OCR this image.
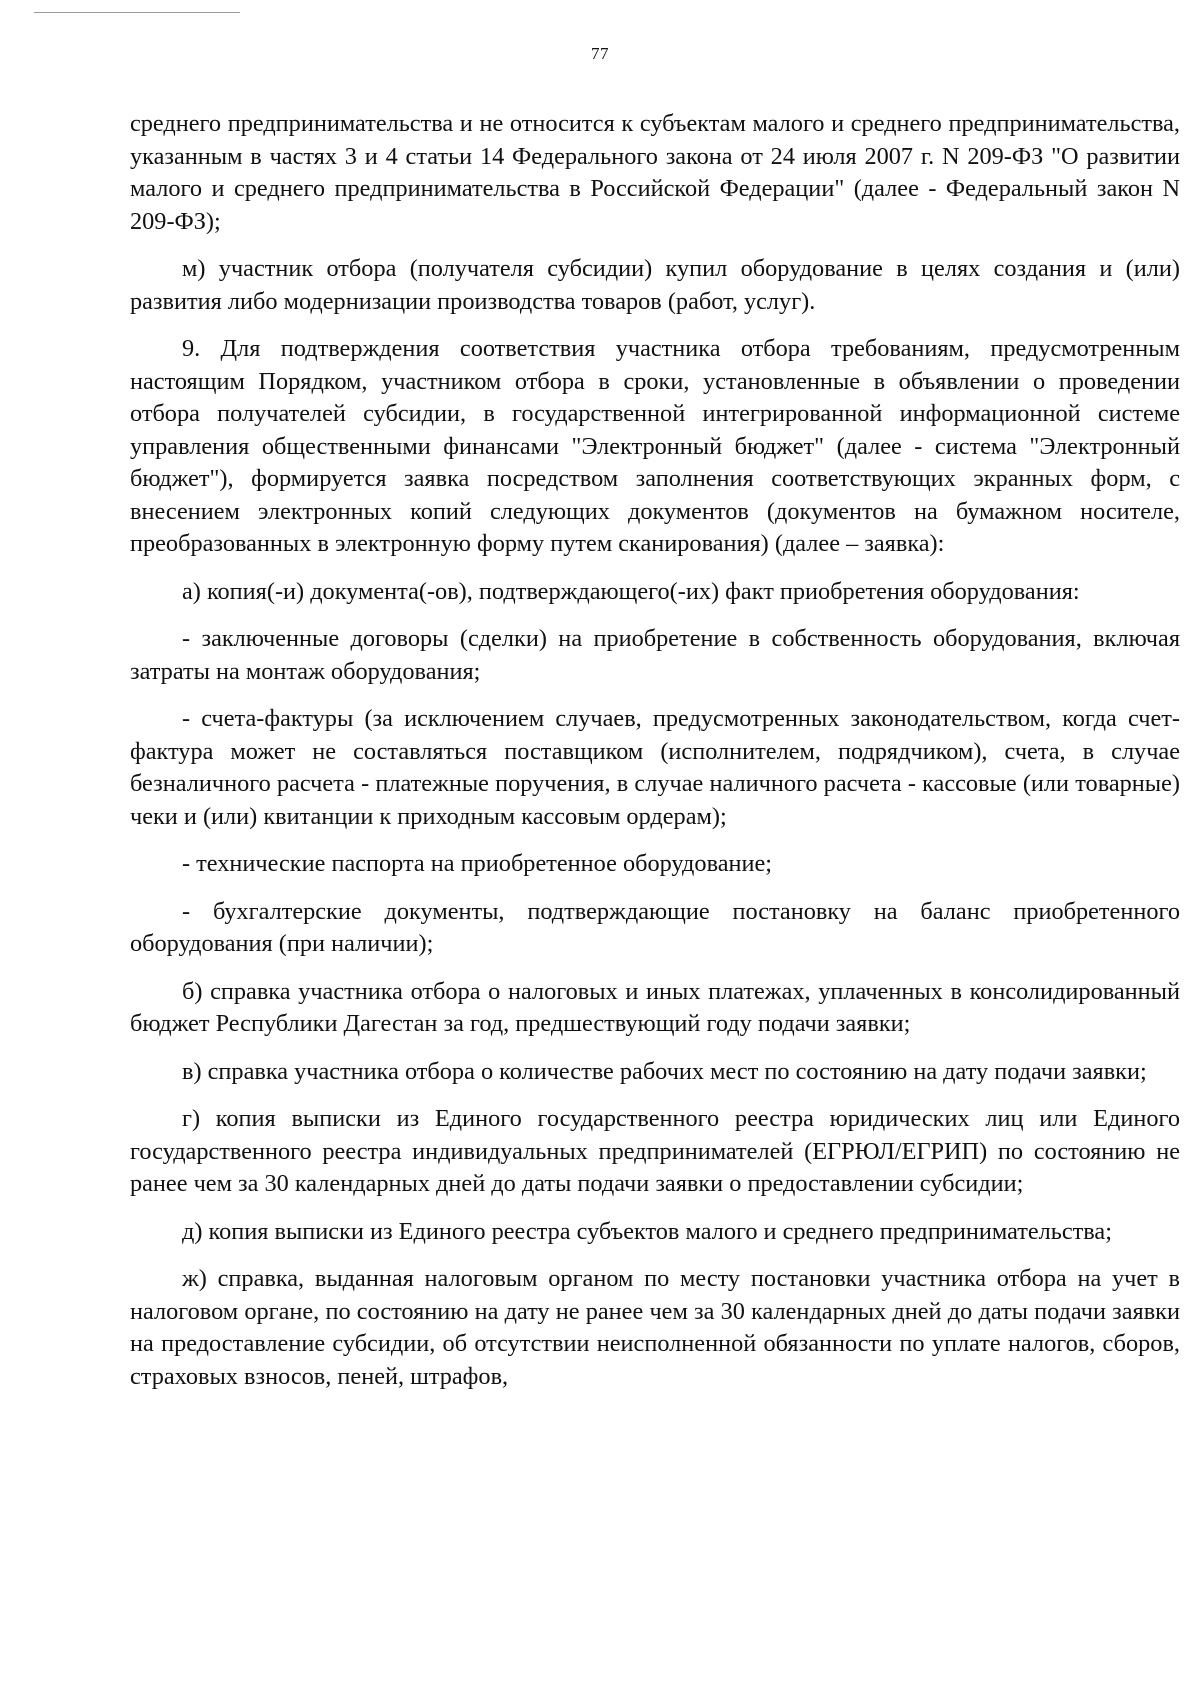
77

среднего предпринимательства и не относится к субъектам малого и среднего предпринимательства, указанным в частях 3 и 4 статьи 14 Федерального закона от 24 июля 2007 г. N 209-ФЗ "О развитии малого и среднего предпринимательства в Российской Федерации" (далее - Федеральный закон N 209-ФЗ);

м) участник отбора (получателя субсидии) купил оборудование в целях создания и (или) развития либо модернизации производства товаров (работ, услуг).

9. Для подтверждения соответствия участника отбора требованиям, предусмотренным настоящим Порядком, участником отбора в сроки, установленные в объявлении о проведении отбора получателей субсидии, в государственной интегрированной информационной системе управления общественными финансами "Электронный бюджет" (далее - система "Электронный бюджет"), формируется заявка посредством заполнения соответствующих экранных форм, с внесением электронных копий следующих документов (документов на бумажном носителе, преобразованных в электронную форму путем сканирования) (далее – заявка):

а) копия(-и) документа(-ов), подтверждающего(-их) факт приобретения оборудования:

- заключенные договоры (сделки) на приобретение в собственность оборудования, включая затраты на монтаж оборудования;

- счета-фактуры (за исключением случаев, предусмотренных законодательством, когда счет-фактура может не составляться поставщиком (исполнителем, подрядчиком), счета, в случае безналичного расчета - платежные поручения, в случае наличного расчета - кассовые (или товарные) чеки и (или) квитанции к приходным кассовым ордерам);

- технические паспорта на приобретенное оборудование;

- бухгалтерские документы, подтверждающие постановку на баланс приобретенного оборудования (при наличии);

б) справка участника отбора о налоговых и иных платежах, уплаченных в консолидированный бюджет Республики Дагестан за год, предшествующий году подачи заявки;

в) справка участника отбора о количестве рабочих мест по состоянию на дату подачи заявки;

г) копия выписки из Единого государственного реестра юридических лиц или Единого государственного реестра индивидуальных предпринимателей (ЕГРЮЛ/ЕГРИП) по состоянию не ранее чем за 30 календарных дней до даты подачи заявки о предоставлении субсидии;

д) копия выписки из Единого реестра субъектов малого и среднего предпринимательства;

ж) справка, выданная налоговым органом по месту постановки участника отбора на учет в налоговом органе, по состоянию на дату не ранее чем за 30 календарных дней до даты подачи заявки на предоставление субсидии, об отсутствии неисполненной обязанности по уплате налогов, сборов, страховых взносов, пеней, штрафов,
